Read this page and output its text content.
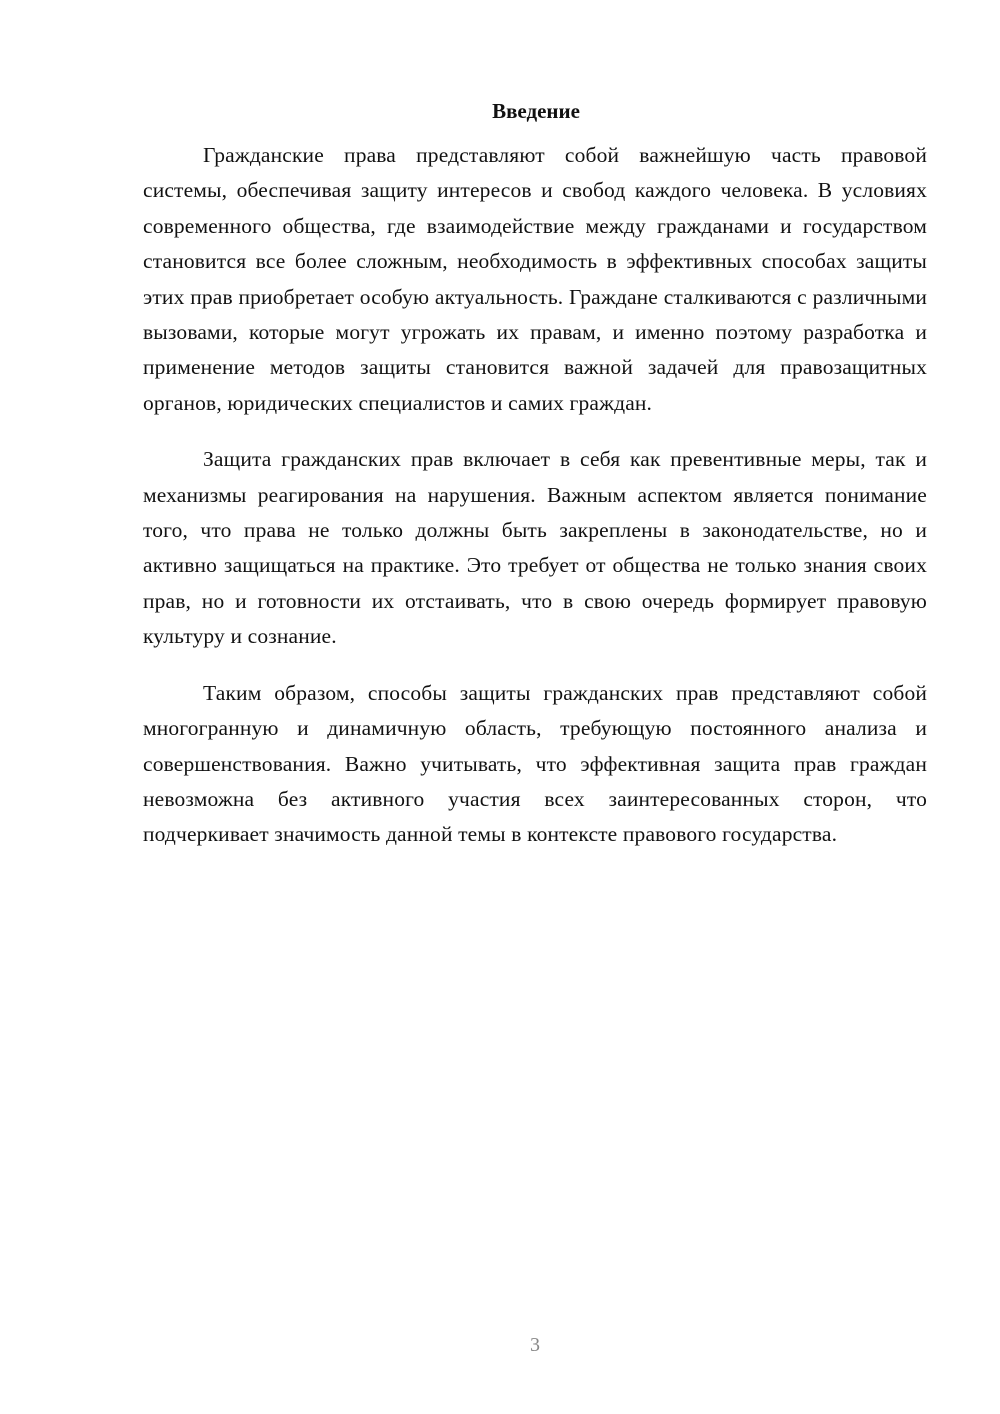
Введение

Гражданские права представляют собой важнейшую часть правовой системы, обеспечивая защиту интересов и свобод каждого человека. В условиях современного общества, где взаимодействие между гражданами и государством становится все более сложным, необходимость в эффективных способах защиты этих прав приобретает особую актуальность. Граждане сталкиваются с различными вызовами, которые могут угрожать их правам, и именно поэтому разработка и применение методов защиты становится важной задачей для правозащитных органов, юридических специалистов и самих граждан.

Защита гражданских прав включает в себя как превентивные меры, так и механизмы реагирования на нарушения. Важным аспектом является понимание того, что права не только должны быть закреплены в законодательстве, но и активно защищаться на практике. Это требует от общества не только знания своих прав, но и готовности их отстаивать, что в свою очередь формирует правовую культуру и сознание.

Таким образом, способы защиты гражданских прав представляют собой многогранную и динамичную область, требующую постоянного анализа и совершенствования. Важно учитывать, что эффективная защита прав граждан невозможна без активного участия всех заинтересованных сторон, что подчеркивает значимость данной темы в контексте правового государства.

3
